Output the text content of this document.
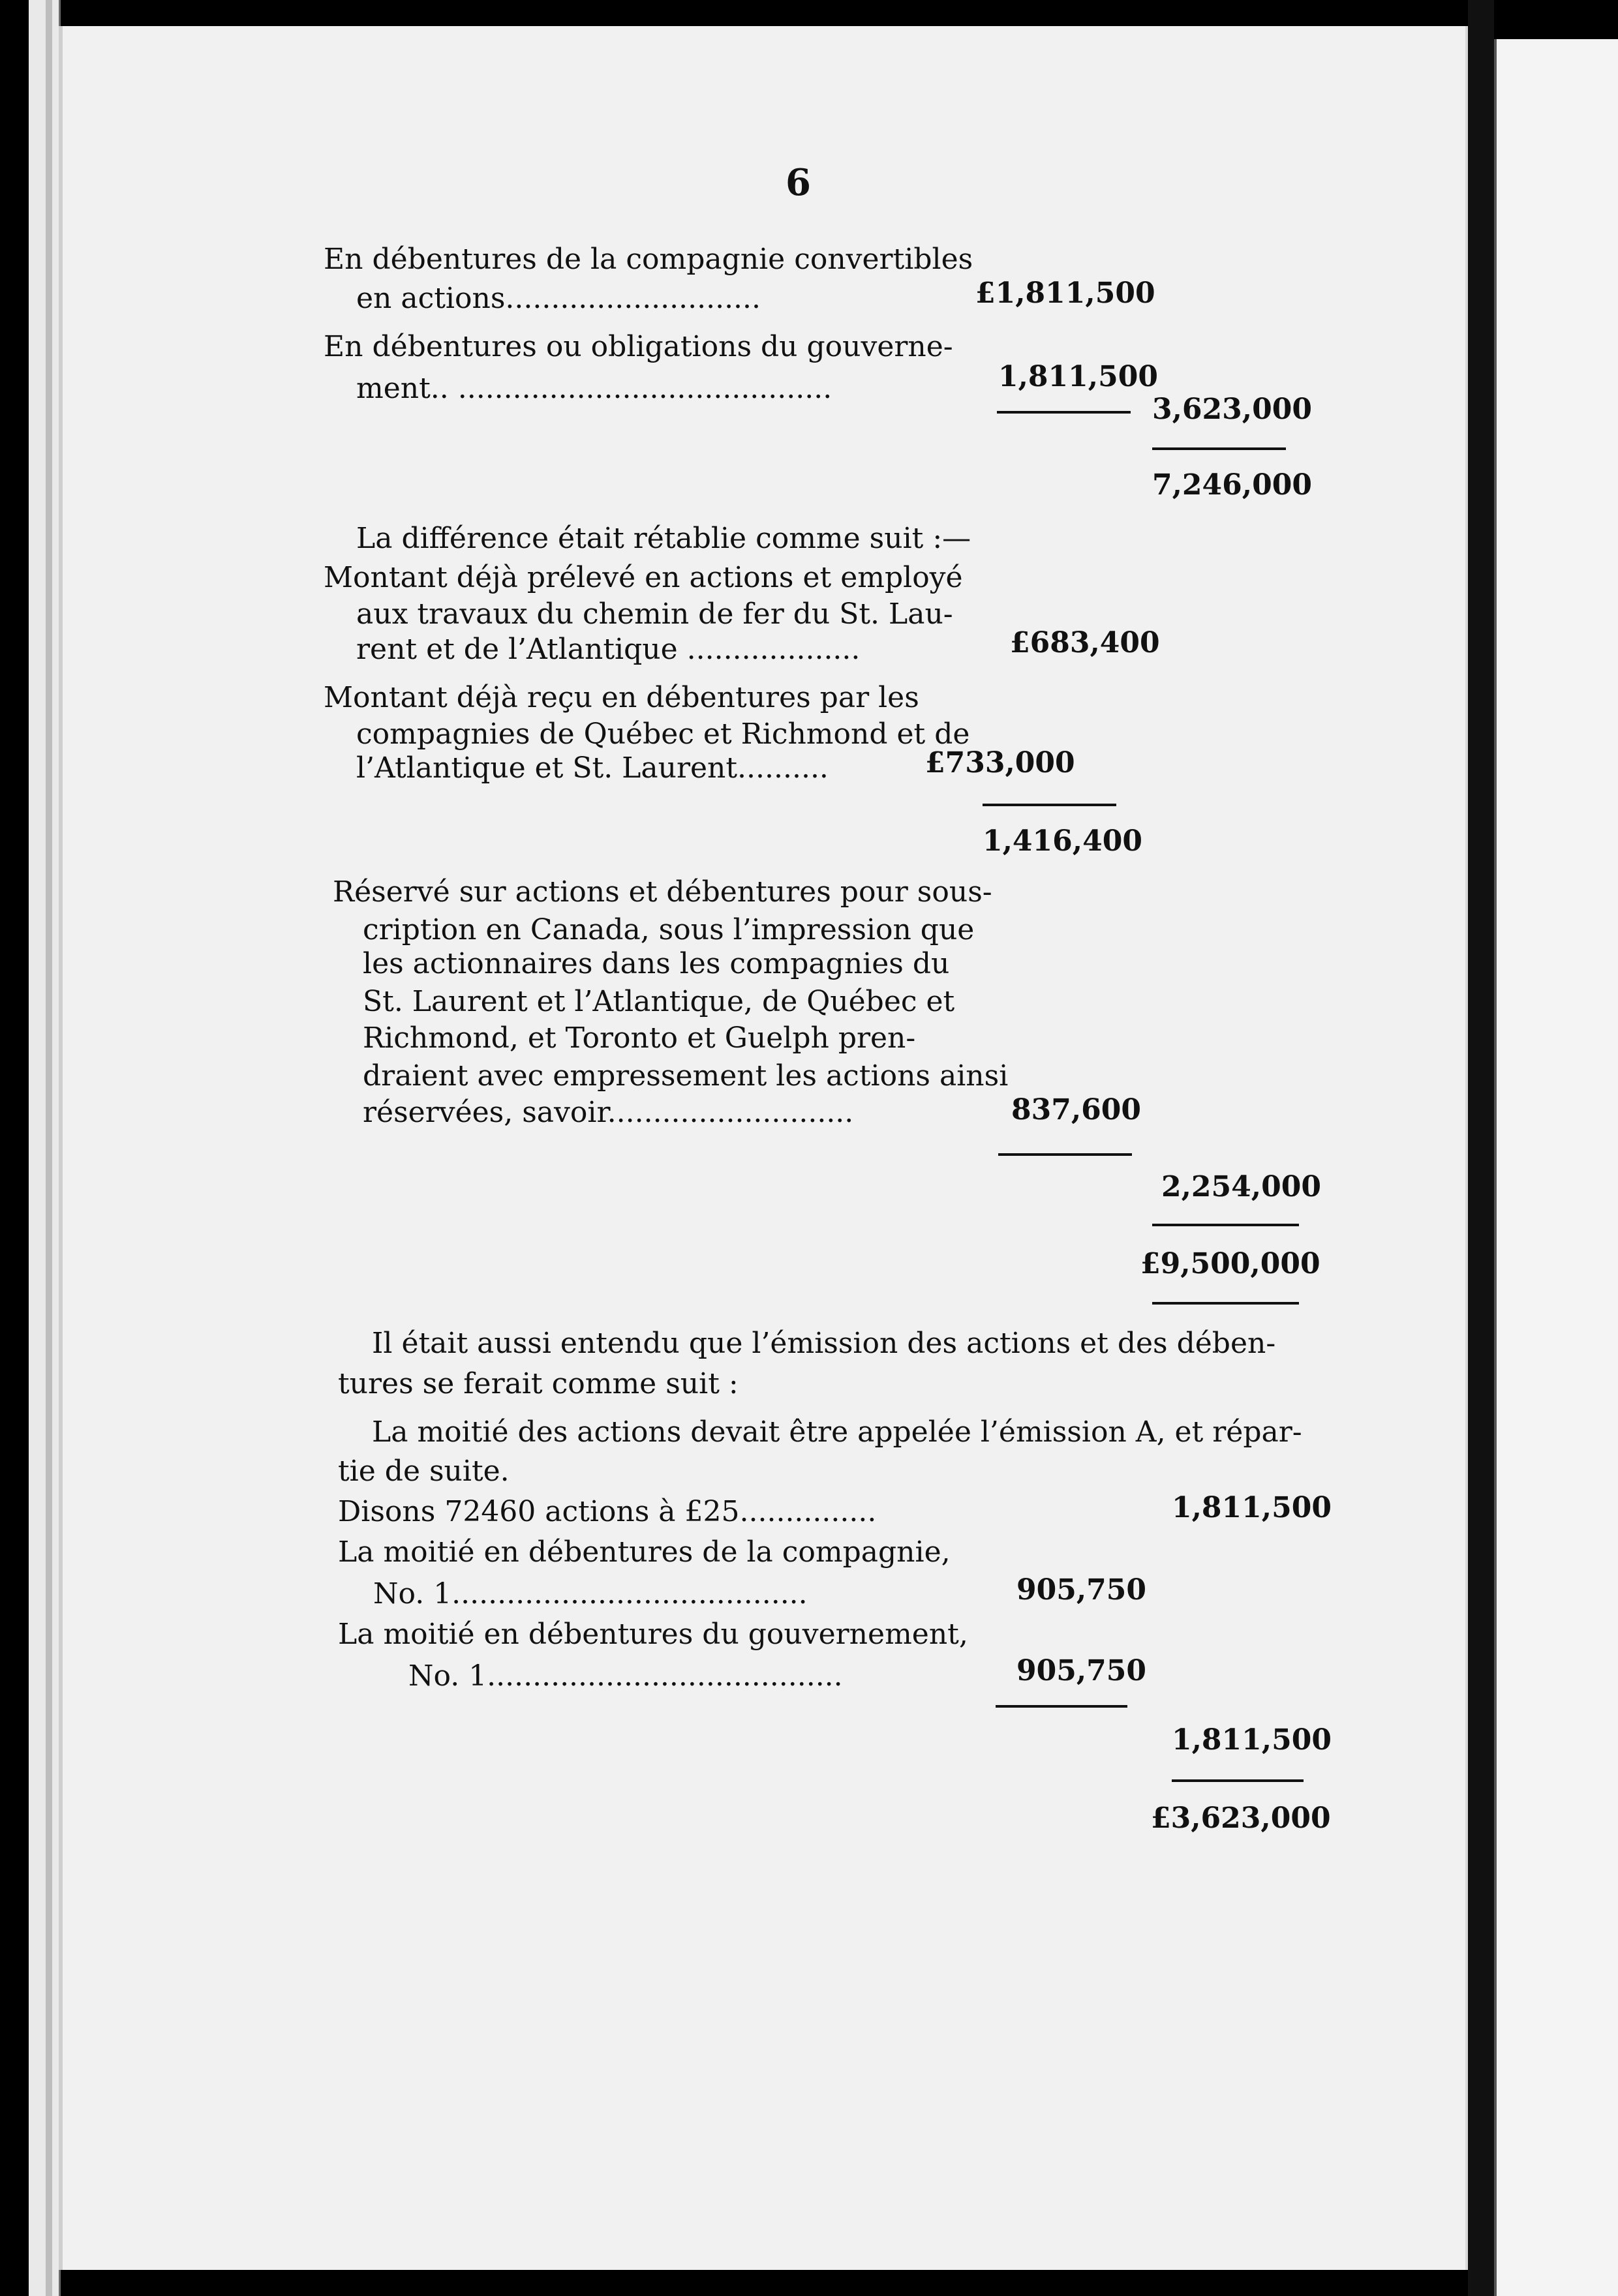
6
En débentures de la compagnie convertibles
en actions............................	£1,811,500
En débentures ou obligations du gouverne-
ment.. .........................................	1,811,500
3,623,000
7,246,000
La différence était rétablie comme suit :—
Montant déjà prélevé en actions et employé
aux travaux du chemin de fer du St. Lau-
rent et de l’Atlantique ...................	£683,400
Montant déjà reçu en débentures par les
compagnies de Québec et Richmond et de
l’Atlantique et St. Laurent..........	£733,000
1,416,400
Réservé sur actions et débentures pour sous-
cription en Canada, sous l’impression que
les actionnaires dans les compagnies du
St. Laurent et l’Atlantique, de Québec et
Richmond, et Toronto et Guelph pren-
draient avec empressement les actions ainsi
réservées, savoir...........................	837,600
2,254,000
£9,500,000
Il était aussi entendu que l’émission des actions et des dében-
tures se ferait comme suit :
La moitié des actions devait être appelée l’émission A, et répar-
tie de suite.
Disons 72460 actions à £25...............	1,811,500
La moitié en débentures de la compagnie,
No. 1.......................................	905,750
La moitié en débentures du gouvernement,
No. 1.......................................	905,750
1,811,500
£3,623,000
